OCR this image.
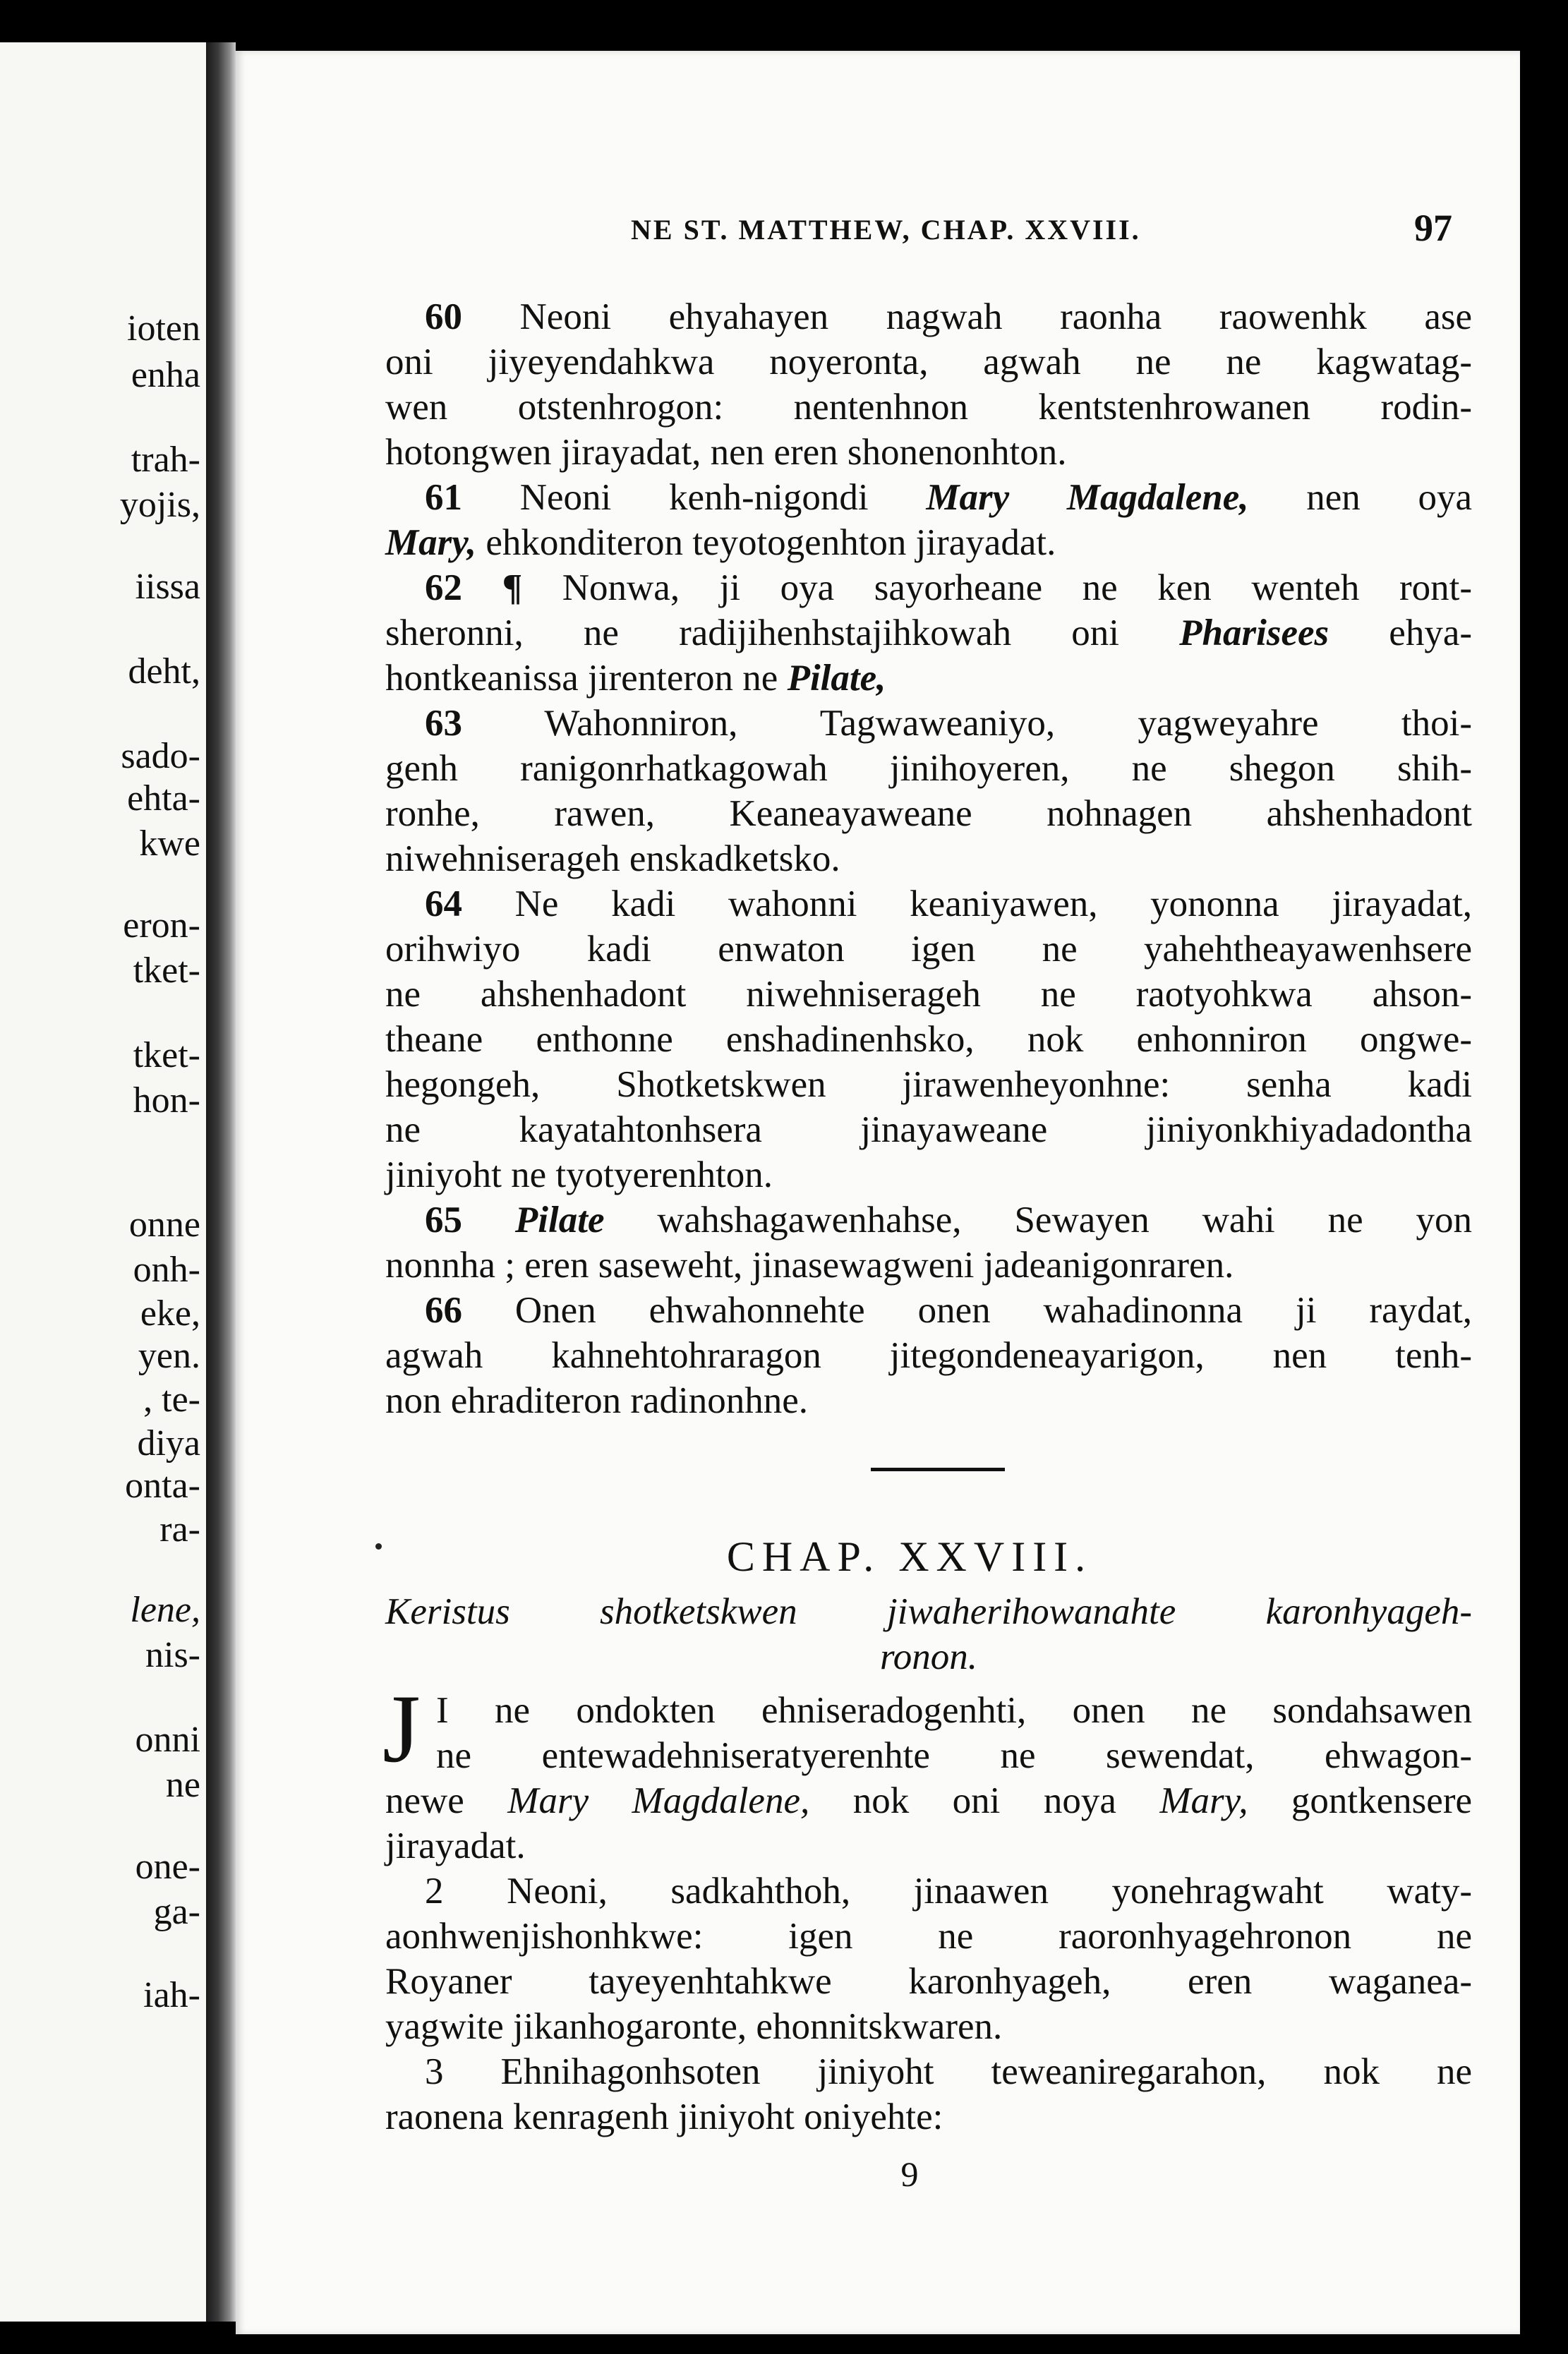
ioten
enha
trah-
yojis,
iissa
deht,
sado-
ehta-
kwe
eron-
tket-
tket-
hon-
onne
onh-
eke,
yen.
, te-
diya
onta-
ra-
lene,
nis-
onni
ne
one-
ga-
iah-
NE ST. MATTHEW, CHAP. XXVIII.	97
60 Neoni ehyahayen nagwah raonha raowenhk ase
oni jiyeyendahkwa noyeronta, agwah ne ne kagwatag-
wen otstenhrogon: nentenhnon kentstenhrowanen rodin-
hotongwen jirayadat, nen eren shonenonhton.
61 Neoni kenh-nigondi Mary Magdalene, nen oya
Mary, ehkonditeron teyotogenhton jirayadat.
62 ¶ Nonwa, ji oya sayorheane ne ken wenteh ront-
sheronni, ne radijihenhstajihkowah oni Pharisees ehya-
hontkeanissa jirenteron ne Pilate,
63 Wahonniron, Tagwaweaniyo, yagweyahre thoi-
genh ranigonrhatkagowah jinihoyeren, ne shegon shih-
ronhe, rawen, Keaneayaweane nohnagen ahshenhadont
niwehniserageh enskadketsko.
64 Ne kadi wahonni keaniyawen, yononna jirayadat,
orihwiyo kadi enwaton igen ne yahehtheayawenhsere
ne ahshenhadont niwehniserageh ne raotyohkwa ahson-
theane enthonne enshadinenhsko, nok enhonniron ongwe-
hegongeh, Shotketskwen jirawenheyonhne: senha kadi
ne kayatahtonhsera jinayaweane jiniyonkhiyadadontha
jiniyoht ne tyotyerenhton.
65 Pilate wahshagawenhahse, Sewayen wahi ne yon
nonnha ; eren saseweht, jinasewagweni jadeanigonraren.
66 Onen ehwahonnehte onen wahadinonna ji raydat,
agwah kahnehtohraragon jitegondeneayarigon, nen tenh-
non ehraditeron radinonhne.
CHAP. XXVIII.
Keristus shotketskwen jiwaherihowanahte karonhyageh-
ronon.
J I ne ondokten ehniseradogenhti, onen ne sondahsawen
ne entewadehniseratyerenhte ne sewendat, ehwagon-
newe Mary Magdalene, nok oni noya Mary, gontkensere
jirayadat.
2 Neoni, sadkahthoh, jinaawen yonehragwaht waty-
aonhwenjishonhkwe: igen ne raoronhyagehronon ne
Royaner tayeyenhtahkwe karonhyageh, eren waganea-
yagwite jikanhogaronte, ehonnitskwaren.
3 Ehnihagonhsoten jiniyoht teweaniregarahon, nok ne
raonena kenragenh jiniyoht oniyehte:
9
